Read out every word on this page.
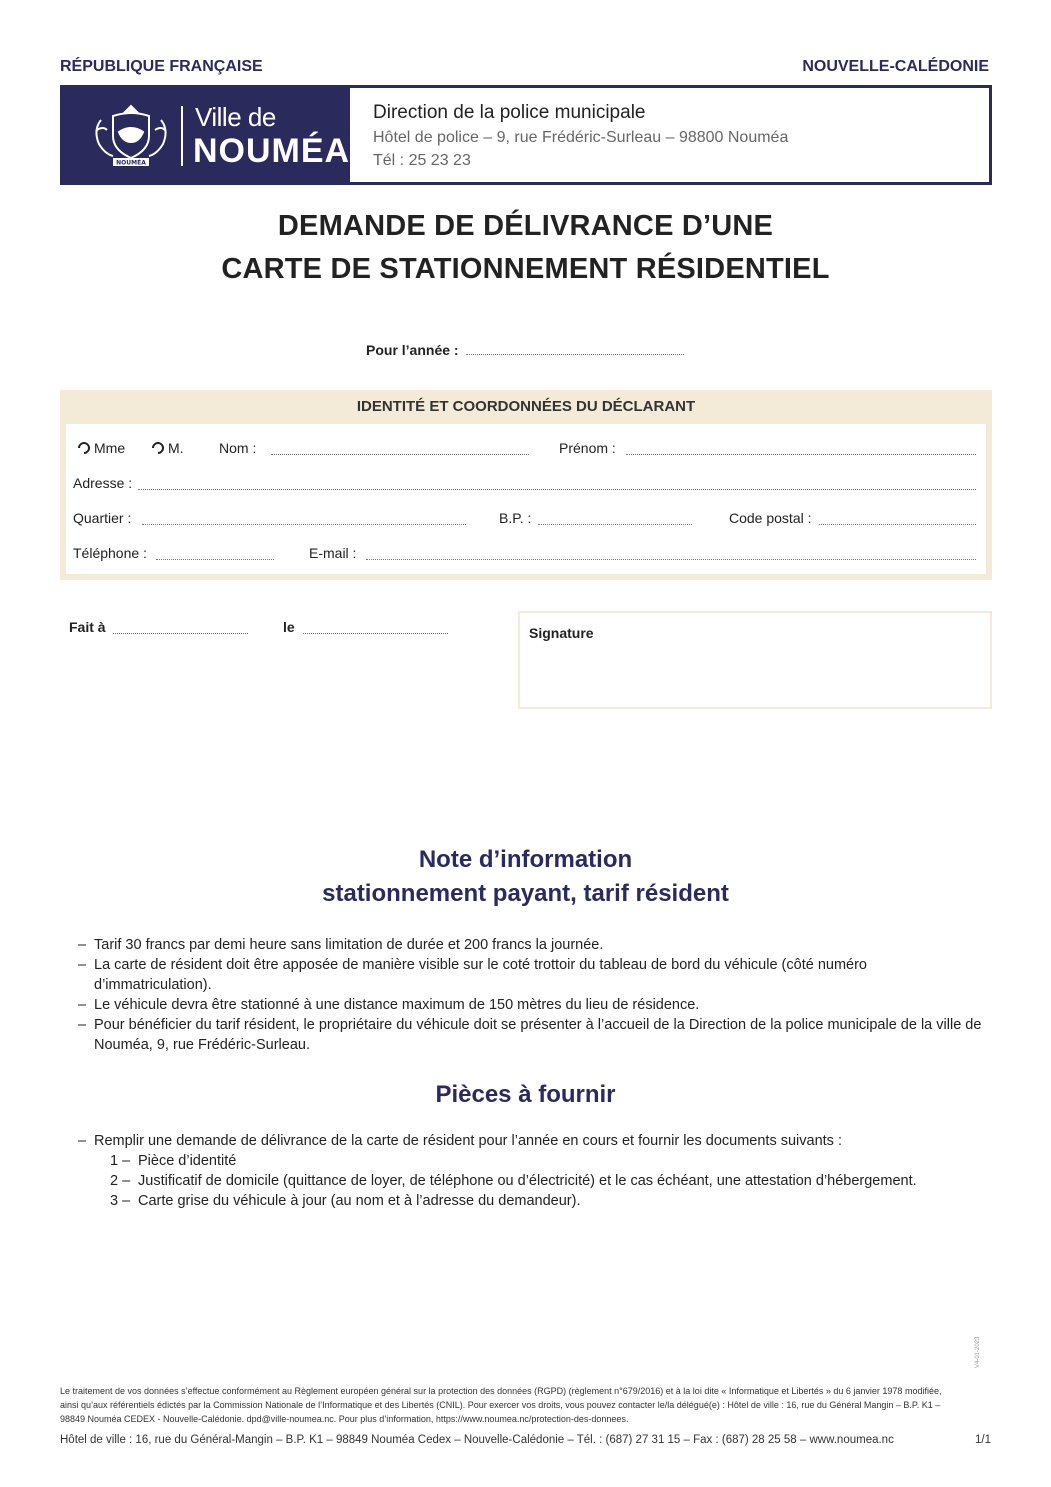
RÉPUBLIQUE FRANÇAISE	NOUVELLE-CALÉDONIE
NOUMÉA
Ville de
NOUMÉA
Direction de la police municipale
Hôtel de police – 9, rue Frédéric-Surleau – 98800 Nouméa
Tél : 25 23 23
DEMANDE DE DÉLIVRANCE D’UNE
CARTE DE STATIONNEMENT RÉSIDENTIEL
Pour l’année :
IDENTITÉ ET COORDONNÉES DU DÉCLARANT
Mme	M.	Nom :	Prénom :
Adresse :
Quartier :	B.P. :	Code postal :
Téléphone :	E-mail :
Fait à	le	Signature
Note d’information
stationnement payant, tarif résident
– Tarif 30 francs par demi heure sans limitation de durée et 200 francs la journée.
– La carte de résident doit être apposée de manière visible sur le coté trottoir du tableau de bord du véhicule (côté numéro d’immatriculation).
– Le véhicule devra être stationné à une distance maximum de 150 mètres du lieu de résidence.
– Pour bénéficier du tarif résident, le propriétaire du véhicule doit se présenter à l’accueil de la Direction de la police municipale de la ville de Nouméa, 9, rue Frédéric-Surleau.
Pièces à fournir
– Remplir une demande de délivrance de la carte de résident pour l’année en cours et fournir les documents suivants :
1 – Pièce d’identité
2 – Justificatif de domicile (quittance de loyer, de téléphone ou d’électricité) et le cas échéant, une attestation d’hébergement.
3 – Carte grise du véhicule à jour (au nom et à l’adresse du demandeur).
V4-01-2023
Le traitement de vos données s’effectue conformément au Règlement européen général sur la protection des données (RGPD) (règlement n°679/2016) et à la loi dite « Informatique et Libertés » du 6 janvier 1978 modifiée,
ainsi qu’aux référentiels édictés par la Commission Nationale de l’Informatique et des Libertés (CNIL). Pour exercer vos droits, vous pouvez contacter le/la délégué(e) : Hôtel de ville : 16, rue du Général Mangin – B.P. K1 –
98849 Nouméa CEDEX - Nouvelle-Calédonie. dpd@ville-noumea.nc. Pour plus d’information, https://www.noumea.nc/protection-des-donnees.
Hôtel de ville : 16, rue du Général-Mangin – B.P. K1 – 98849 Nouméa Cedex – Nouvelle-Calédonie – Tél. : (687) 27 31 15 – Fax : (687) 28 25 58 – www.noumea.nc	1/1
